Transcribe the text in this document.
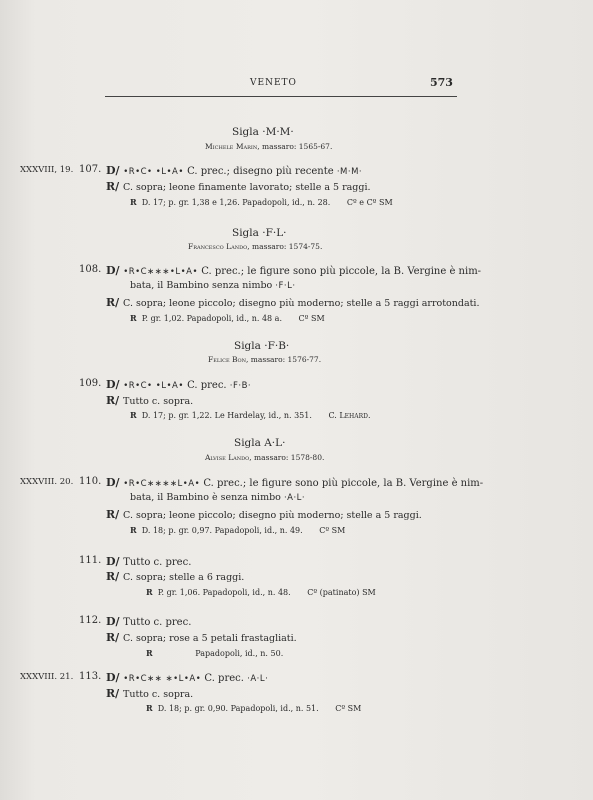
VENETO	573
Sigla ·M·M·
Michele Marin, massaro: 1565-67.
XXXVIII, 19. 107. D/ •R•C• •L•A• C. prec.; disegno più recente ·M·M·
R/ C. sopra; leone finamente lavorato; stelle a 5 raggi.
R D. 17; p. gr. 1,38 e 1,26. Papadopoli, id., n. 28. Cº e Cº SM
Sigla ·F·L·
Francesco Lando, massaro: 1574-75.
108. D/ •R•C∗∗∗•L•A• C. prec.; le figure sono più piccole, la B. Vergine è nim-
bata, il Bambino senza nimbo ·F·L·
R/ C. sopra; leone piccolo; disegno più moderno; stelle a 5 raggi arrotondati.
R P. gr. 1,02. Papadopoli, id., n. 48 a. Cº SM
Sigla ·F·B·
Felice Bon, massaro: 1576-77.
109. D/ •R•C• •L•A• C. prec. ·F·B·
R/ Tutto c. sopra.
R D. 17; p. gr. 1,22. Le Hardelay, id., n. 351. C. Lehard.
Sigla A·L·
Alvise Lando, massaro: 1578-80.
XXXVIII. 20. 110. D/ •R•C∗∗∗∗L•A• C. prec.; le figure sono più piccole, la B. Vergine è nim-
bata, il Bambino è senza nimbo ·A·L·
R/ C. sopra; leone piccolo; disegno più moderno; stelle a 5 raggi.
R D. 18; p. gr. 0,97. Papadopoli, id., n. 49. Cº SM
111. D/ Tutto c. prec.
R/ C. sopra; stelle a 6 raggi.
R P. gr. 1,06. Papadopoli, id., n. 48. Cº (patinato) SM
112. D/ Tutto c. prec.
R/ C. sopra; rose a 5 petali frastagliati.
R	Papadopoli, id., n. 50.
XXXVIII. 21. 113. D/ •R•C∗∗ ∗•L•A• C. prec. ·A·L·
R/ Tutto c. sopra.
R D. 18; p. gr. 0,90. Papadopoli, id., n. 51. Cº SM
